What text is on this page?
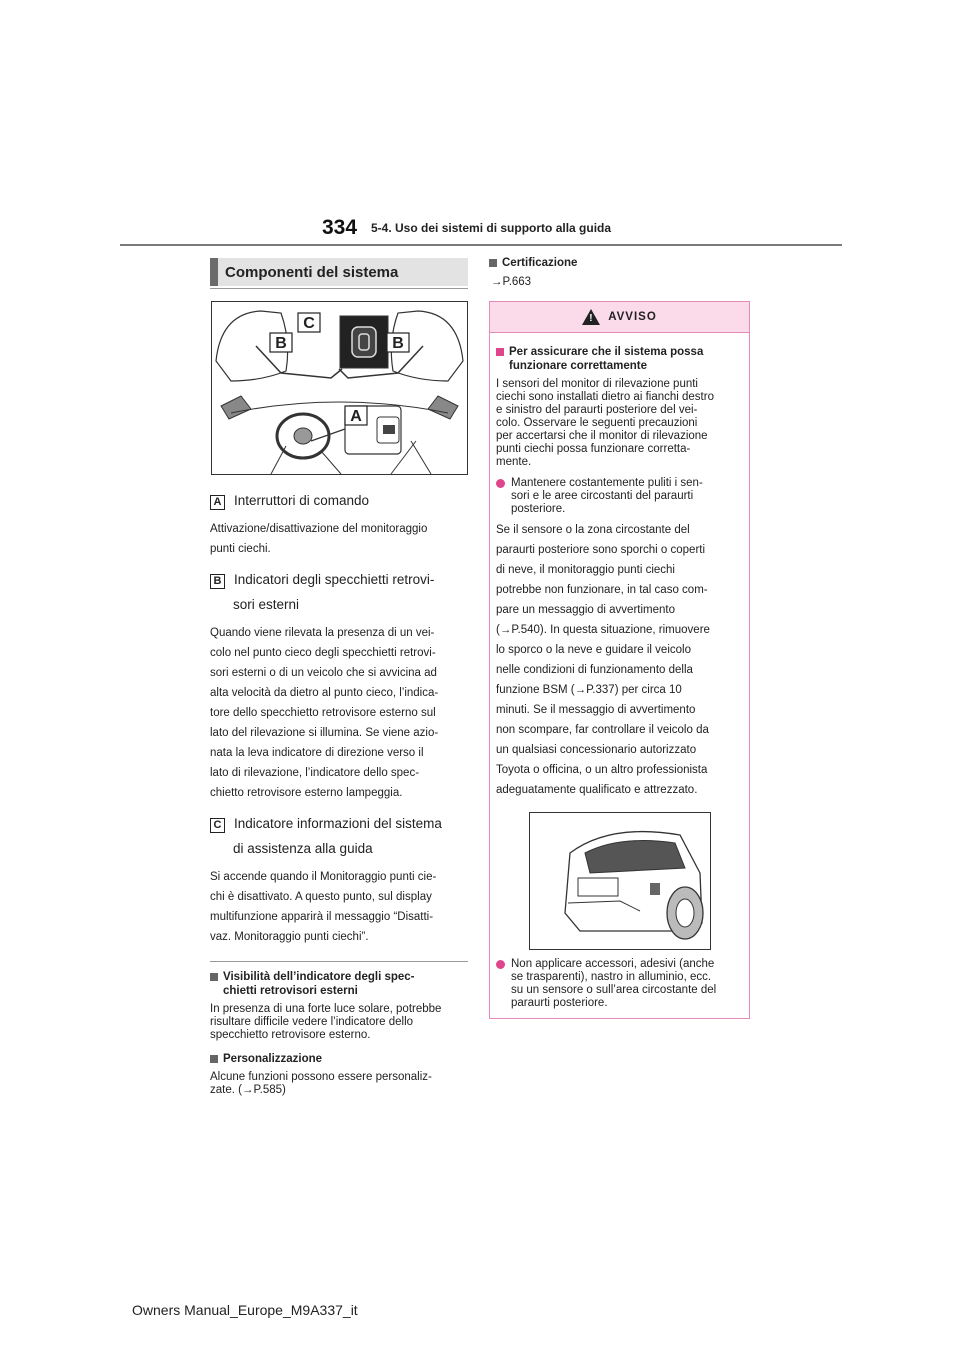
334 5-4. Uso dei sistemi di supporto alla guida
Componenti del sistema
B	B
C
A
A Interruttori di comando
Attivazione/disattivazione del monitoraggio
punti ciechi.
B Indicatori degli specchietti retrovi-
sori esterni
Quando viene rilevata la presenza di un vei-
colo nel punto cieco degli specchietti retrovi-
sori esterni o di un veicolo che si avvicina ad
alta velocità da dietro al punto cieco, l’indica-
tore dello specchietto retrovisore esterno sul
lato del rilevazione si illumina. Se viene azio-
nata la leva indicatore di direzione verso il
lato di rilevazione, l’indicatore dello spec-
chietto retrovisore esterno lampeggia.
C Indicatore informazioni del sistema
di assistenza alla guida
Si accende quando il Monitoraggio punti cie-
chi è disattivato. A questo punto, sul display
multifunzione apparirà il messaggio “Disatti-
vaz. Monitoraggio punti ciechi”.
Visibilità dell’indicatore degli spec-
chietti retrovisori esterni
In presenza di una forte luce solare, potrebbe
risultare difficile vedere l’indicatore dello
specchietto retrovisore esterno.
Personalizzazione
Alcune funzioni possono essere personaliz-
zate. (→P.585)
Certificazione
→P.663
! AVVISO
Per assicurare che il sistema possa
funzionare correttamente
I sensori del monitor di rilevazione punti
ciechi sono installati dietro ai fianchi destro
e sinistro del paraurti posteriore del vei-
colo. Osservare le seguenti precauzioni
per accertarsi che il monitor di rilevazione
punti ciechi possa funzionare corretta-
mente.
Mantenere costantemente puliti i sen-
sori e le aree circostanti del paraurti
posteriore.
Se il sensore o la zona circostante del
paraurti posteriore sono sporchi o coperti
di neve, il monitoraggio punti ciechi
potrebbe non funzionare, in tal caso com-
pare un messaggio di avvertimento
(→P.540). In questa situazione, rimuovere
lo sporco o la neve e guidare il veicolo
nelle condizioni di funzionamento della
funzione BSM (→P.337) per circa 10
minuti. Se il messaggio di avvertimento
non scompare, far controllare il veicolo da
un qualsiasi concessionario autorizzato
Toyota o officina, o un altro professionista
adeguatamente qualificato e attrezzato.
Non applicare accessori, adesivi (anche
se trasparenti), nastro in alluminio, ecc.
su un sensore o sull’area circostante del
paraurti posteriore.
Owners Manual_Europe_M9A337_it
